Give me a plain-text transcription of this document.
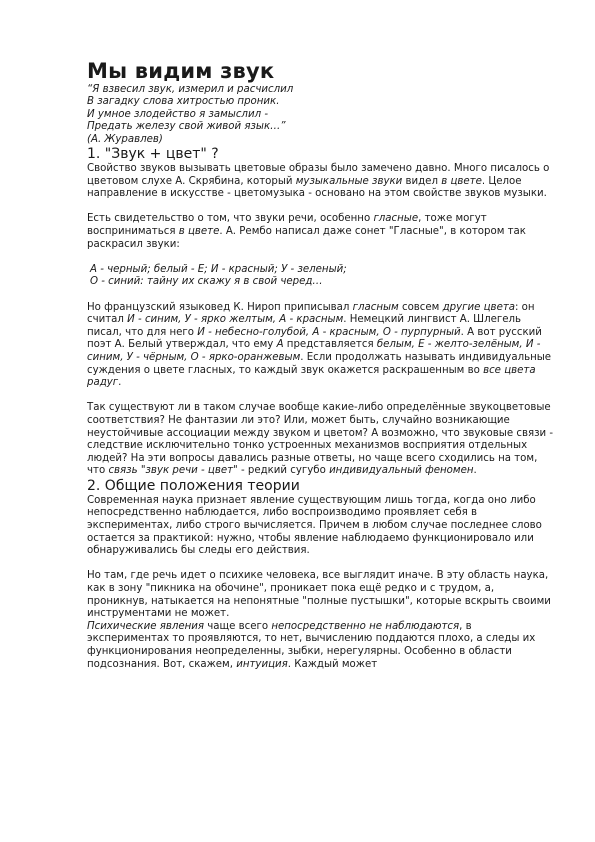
Мы видим звук
“Я взвесил звук, измерил и расчислил
В загадку слова хитростью проник.
И умное злодейство я замыслил -
Предать железу свой живой язык…”
(А. Журавлев)
1. "Звук + цвет" ?

Свойство звуков вызывать цветовые образы было замечено давно. Много писалось о цветовом слухе А. Скрябина, который музыкальные звуки видел в цвете. Целое направление в искусстве - цветомузыка - основано на этом свойстве звуков музыки.

Есть свидетельство о том, что звуки речи, особенно гласные, тоже могут восприниматься в цвете. А. Рембо написал даже сонет "Гласные", в котором так раскрасил звуки:

А - черный; белый - Е; И - красный; У - зеленый;
О - синий: тайну их скажу я в свой черед…

Но французский языковед К. Нироп приписывал гласным совсем другие цвета: он считал И - синим, У - ярко желтым, А - красным. Немецкий лингвист А. Шлегель писал, что для него И - небесно-голубой, А - красным, О - пурпурный. А вот русский поэт А. Белый утверждал, что ему А представляется белым, Е - желто-зелёным, И - синим, У - чёрным, О - ярко-оранжевым. Если продолжать называть индивидуальные суждения о цвете гласных, то каждый звук окажется раскрашенным во все цвета радуг.

Так существуют ли в таком случае вообще какие-либо определённые звукоцветовые соответствия? Не фантазии ли это? Или, может быть, случайно возникающие неустойчивые ассоциации между звуком и цветом? А возможно, что звуковые связи - следствие исключительно тонко устроенных механизмов восприятия отдельных людей? На эти вопросы давались разные ответы, но чаще всего сходились на том, что связь "звук речи - цвет" - редкий сугубо индивидуальный феномен.

2. Общие положения теории

Современная наука признает явление существующим лишь тогда, когда оно либо непосредственно наблюдается, либо воспроизводимо проявляет себя в экспериментах, либо строго вычисляется. Причем в любом случае последнее слово остается за практикой: нужно, чтобы явление наблюдаемо функционировало или обнаруживались бы следы его действия.

Но там, где речь идет о психике человека, все выглядит иначе. В эту область наука, как в зону "пикника на обочине", проникает пока ещё редко и с трудом, а, проникнув, натыкается на непонятные "полные пустышки", которые вскрыть своими инструментами не может.

Психические явления чаще всего непосредственно не наблюдаются, в экспериментах то проявляются, то нет, вычислению поддаются плохо, а следы их функционирования неопределенны, зыбки, нерегулярны. Особенно в области подсознания. Вот, скажем, интуиция. Каждый может
